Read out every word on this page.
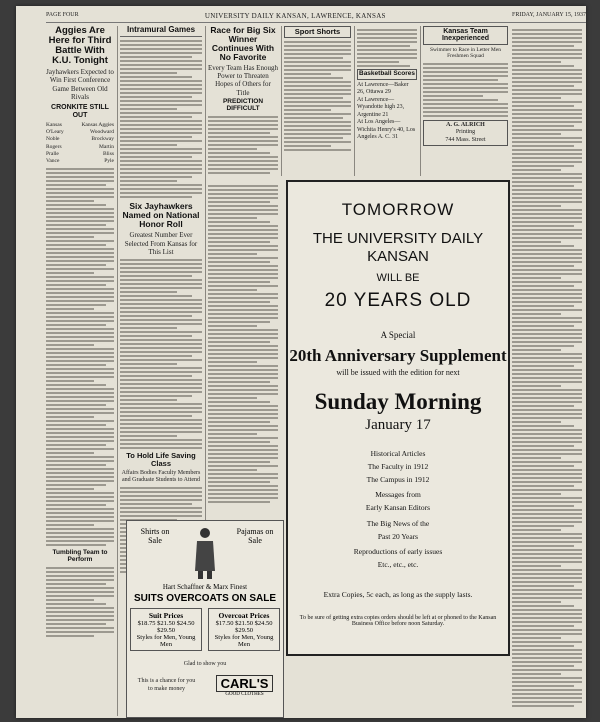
PAGE FOUR	UNIVERSITY DAILY KANSAN, LAWRENCE, KANSAS	FRIDAY, JANUARY 15, 1937
Aggies Are Here for Third Battle With K.U. Tonight
Jayhawkers Expected to Win First Conference Game Between Old Rivals
CRONKITE STILL OUT
Kansas	Kansas Aggies
O'Leary	Woodward
Noble	Brockway
Rogers	Martin
Pralle	Bliss
Vance	Pyle
Tumbling Team to Perform
Intramural Games
Six Jayhawkers Named on National Honor Roll
Greatest Number Ever Selected From Kansas for This List
To Hold Life Saving Class
Affairs Bodies Faculty Members and Graduate Students to Attend
Race for Big Six Winner Continues With No Favorite
Every Team Has Enough Power to Threaten Hopes of Others for Title
PREDICTION DIFFICULT
Sport Shorts
Basketball Scores
At Lawrence—Baker 26, Ottawa 29
At Lawrence—Wyandotte high 23, Argentine 21
At Los Angeles—Wichita Henry's 40, Los Angeles A. C. 31
Kansas Team Inexperienced
Swimmer to Race in Letter Men Freshmen Squad
A. G. ALRICH
Printing
744 Mass. Street
Shirts on Sale
Pajamas on Sale
Hart Schaffner & Marx Finest
SUITS OVERCOATS ON SALE
Suit Prices
$18.75 $21.50 $24.50 $29.50
Styles for Men, Young Men
Overcoat Prices
$17.50 $21.50 $24.50 $29.50
Styles for Men, Young Men
Glad to show you
This is a chance for you to make money	CARL'S
GOOD CLOTHES
TOMORROW
THE UNIVERSITY DAILY
KANSAN
WILL BE
20 YEARS OLD
A Special
20th Anniversary Supplement
will be issued with the edition for next
Sunday Morning
January 17
Historical Articles
The Faculty in 1912
The Campus in 1912
Messages from
Early Kansan Editors
The Big News of the
Past 20 Years
Reproductions of early issues
Etc., etc., etc.
Extra Copies, 5c each, as long as the supply lasts.
To be sure of getting extra copies orders should be left at or phoned to the Kansan Business Office before noon Saturday.
